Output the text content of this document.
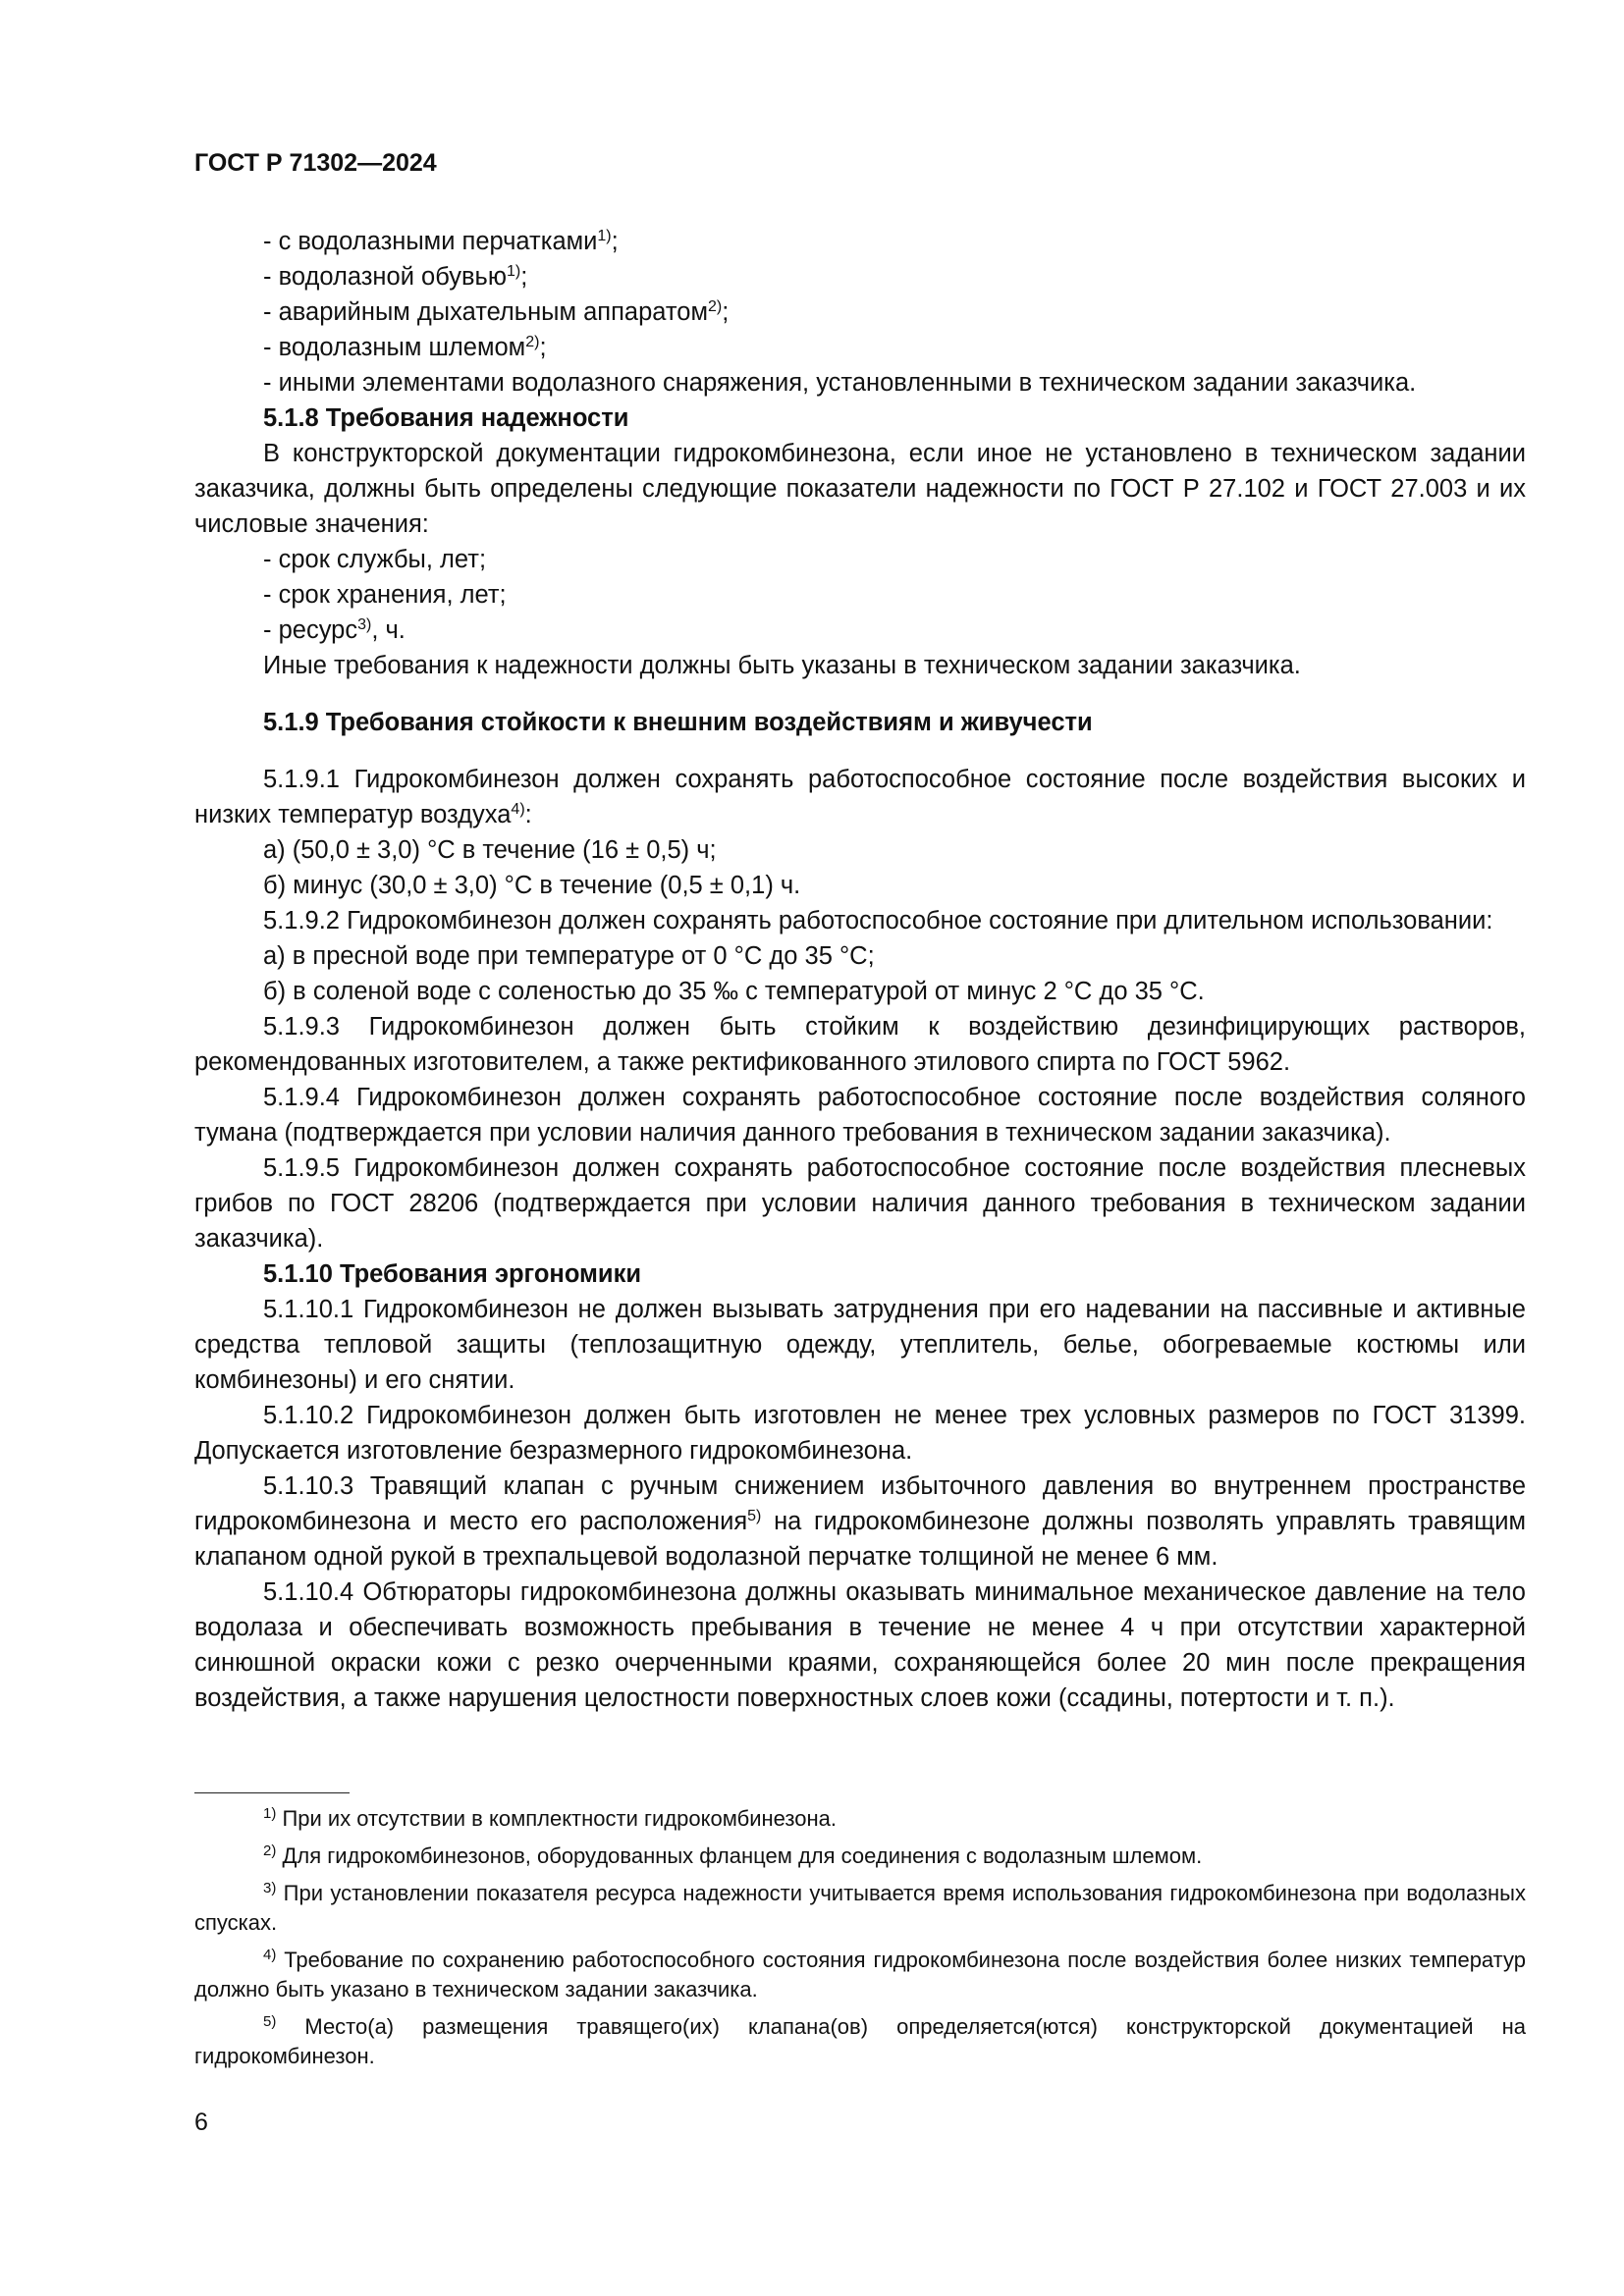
ГОСТ Р 71302—2024

- с водолазными перчатками$^{1)}$;

- водолазной обувью$^{1)}$;

- аварийным дыхательным аппаратом$^{2)}$;

- водолазным шлемом$^{2)}$;

- иными элементами водолазного снаряжения, установленными в техническом задании заказчика.

5.1.8 Требования надежности

В конструкторской документации гидрокомбинезона, если иное не установлено в техническом задании заказчика, должны быть определены следующие показатели надежности по ГОСТ Р 27.102 и ГОСТ 27.003 и их числовые значения:

- срок службы, лет;

- срок хранения, лет;

- ресурс$^{3)}$, ч.

Иные требования к надежности должны быть указаны в техническом задании заказчика.

5.1.9 Требования стойкости к внешним воздействиям и живучести

5.1.9.1 Гидрокомбинезон должен сохранять работоспособное состояние после воздействия высоких и низких температур воздуха$^{4)}$:

а) (50,0 ± 3,0) °С в течение (16 ± 0,5) ч;

б) минус (30,0 ± 3,0) °С в течение (0,5 ± 0,1) ч.

5.1.9.2 Гидрокомбинезон должен сохранять работоспособное состояние при длительном использовании:

а) в пресной воде при температуре от 0 °С до 35 °С;

б) в соленой воде с соленостью до 35 ‰ с температурой от минус 2 °С до 35 °С.

5.1.9.3 Гидрокомбинезон должен быть стойким к воздействию дезинфицирующих растворов, рекомендованных изготовителем, а также ректификованного этилового спирта по ГОСТ 5962.

5.1.9.4 Гидрокомбинезон должен сохранять работоспособное состояние после воздействия соляного тумана (подтверждается при условии наличия данного требования в техническом задании заказчика).

5.1.9.5 Гидрокомбинезон должен сохранять работоспособное состояние после воздействия плесневых грибов по ГОСТ 28206 (подтверждается при условии наличия данного требования в техническом задании заказчика).

5.1.10 Требования эргономики

5.1.10.1 Гидрокомбинезон не должен вызывать затруднения при его надевании на пассивные и активные средства тепловой защиты (теплозащитную одежду, утеплитель, белье, обогреваемые костюмы или комбинезоны) и его снятии.

5.1.10.2 Гидрокомбинезон должен быть изготовлен не менее трех условных размеров по ГОСТ 31399. Допускается изготовление безразмерного гидрокомбинезона.

5.1.10.3 Травящий клапан с ручным снижением избыточного давления во внутреннем пространстве гидрокомбинезона и место его расположения$^{5)}$ на гидрокомбинезоне должны позволять управлять травящим клапаном одной рукой в трехпальцевой водолазной перчатке толщиной не менее 6 мм.

5.1.10.4 Обтюраторы гидрокомбинезона должны оказывать минимальное механическое давление на тело водолаза и обеспечивать возможность пребывания в течение не менее 4 ч при отсутствии характерной синюшной окраски кожи с резко очерченными краями, сохраняющейся более 20 мин после прекращения воздействия, а также нарушения целостности поверхностных слоев кожи (ссадины, потертости и т. п.).

$^{1)}$ При их отсутствии в комплектности гидрокомбинезона.

$^{2)}$ Для гидрокомбинезонов, оборудованных фланцем для соединения с водолазным шлемом.

$^{3)}$ При установлении показателя ресурса надежности учитывается время использования гидрокомбинезона при водолазных спусках.

$^{4)}$ Требование по сохранению работоспособного состояния гидрокомбинезона после воздействия более низких температур должно быть указано в техническом задании заказчика.

$^{5)}$ Место(а) размещения травящего(их) клапана(ов) определяется(ются) конструкторской документацией на гидрокомбинезон.

6
